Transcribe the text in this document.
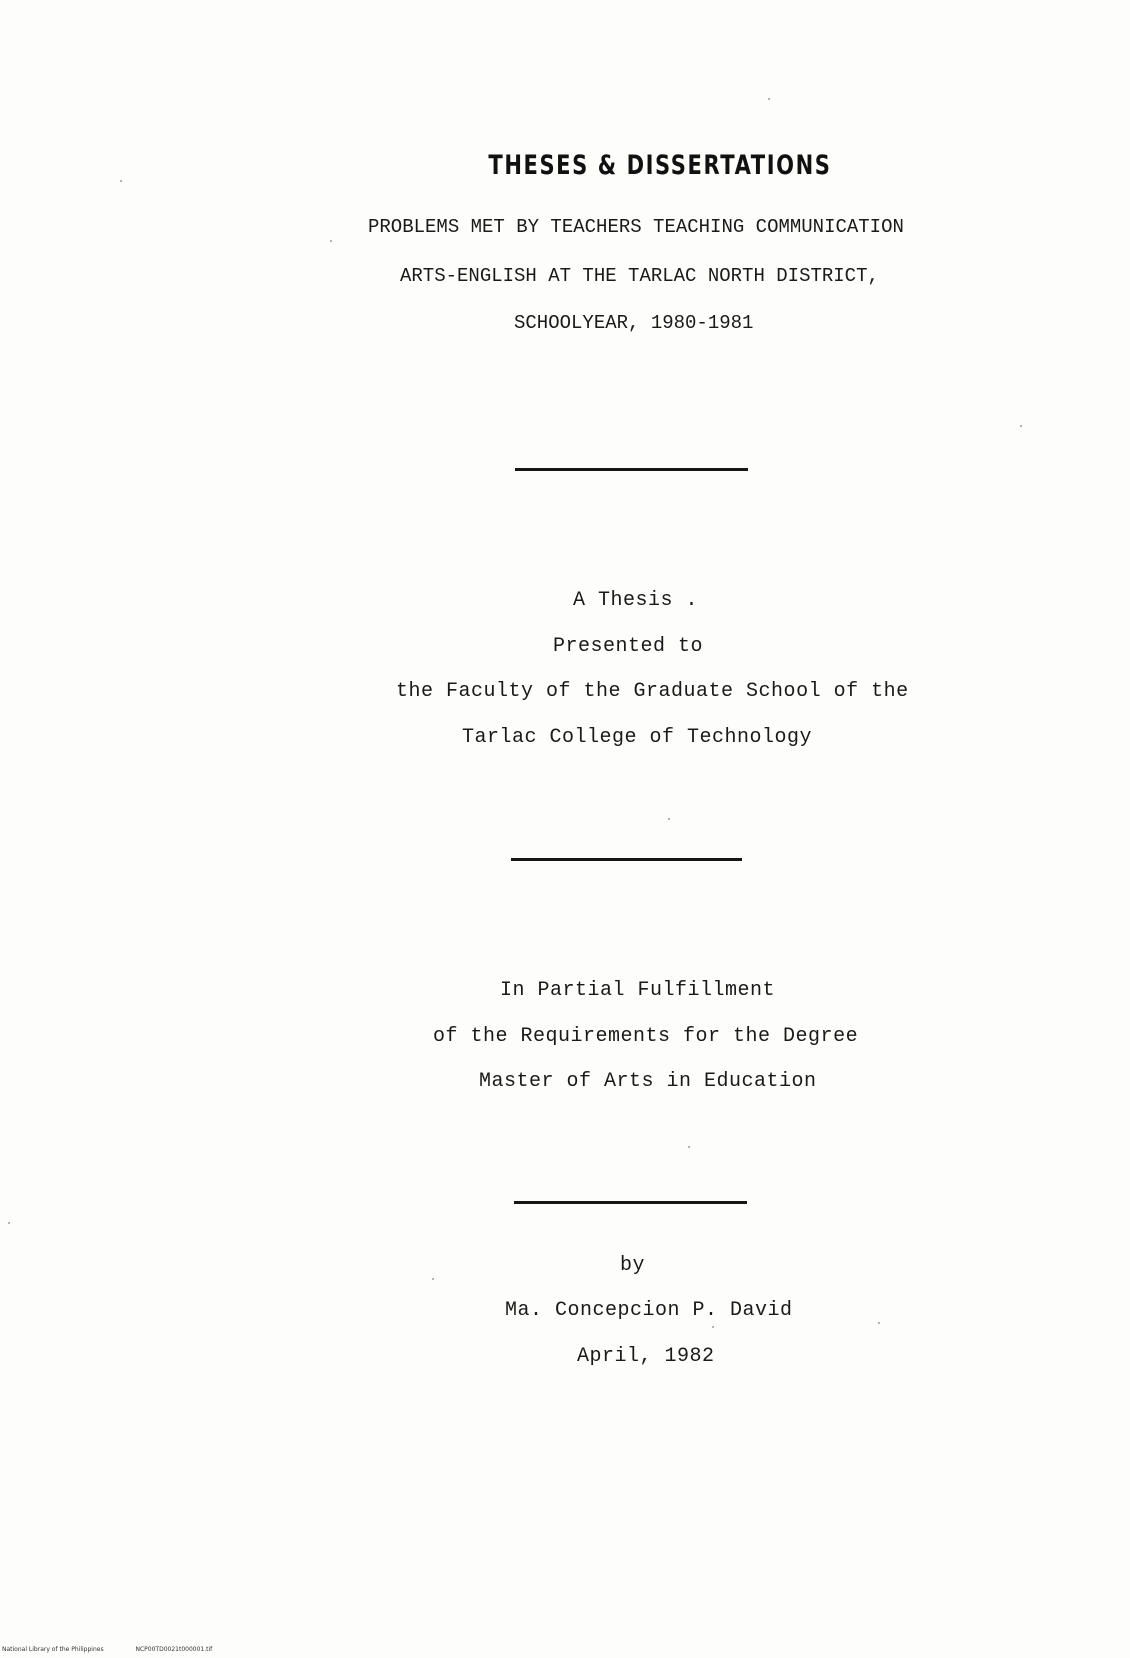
THESES & DISSERTATIONS
PROBLEMS MET BY TEACHERS TEACHING COMMUNICATION
ARTS-ENGLISH AT THE TARLAC NORTH DISTRICT,
SCHOOLYEAR, 1980-1981
A Thesis .
Presented to
the Faculty of the Graduate School of the
Tarlac College of Technology
In Partial Fulfillment
of the Requirements for the Degree
Master of Arts in Education
by
Ma. Concepcion P. David
April, 1982
National Library of the Philippines	NCP00TD0021t000001.tif
